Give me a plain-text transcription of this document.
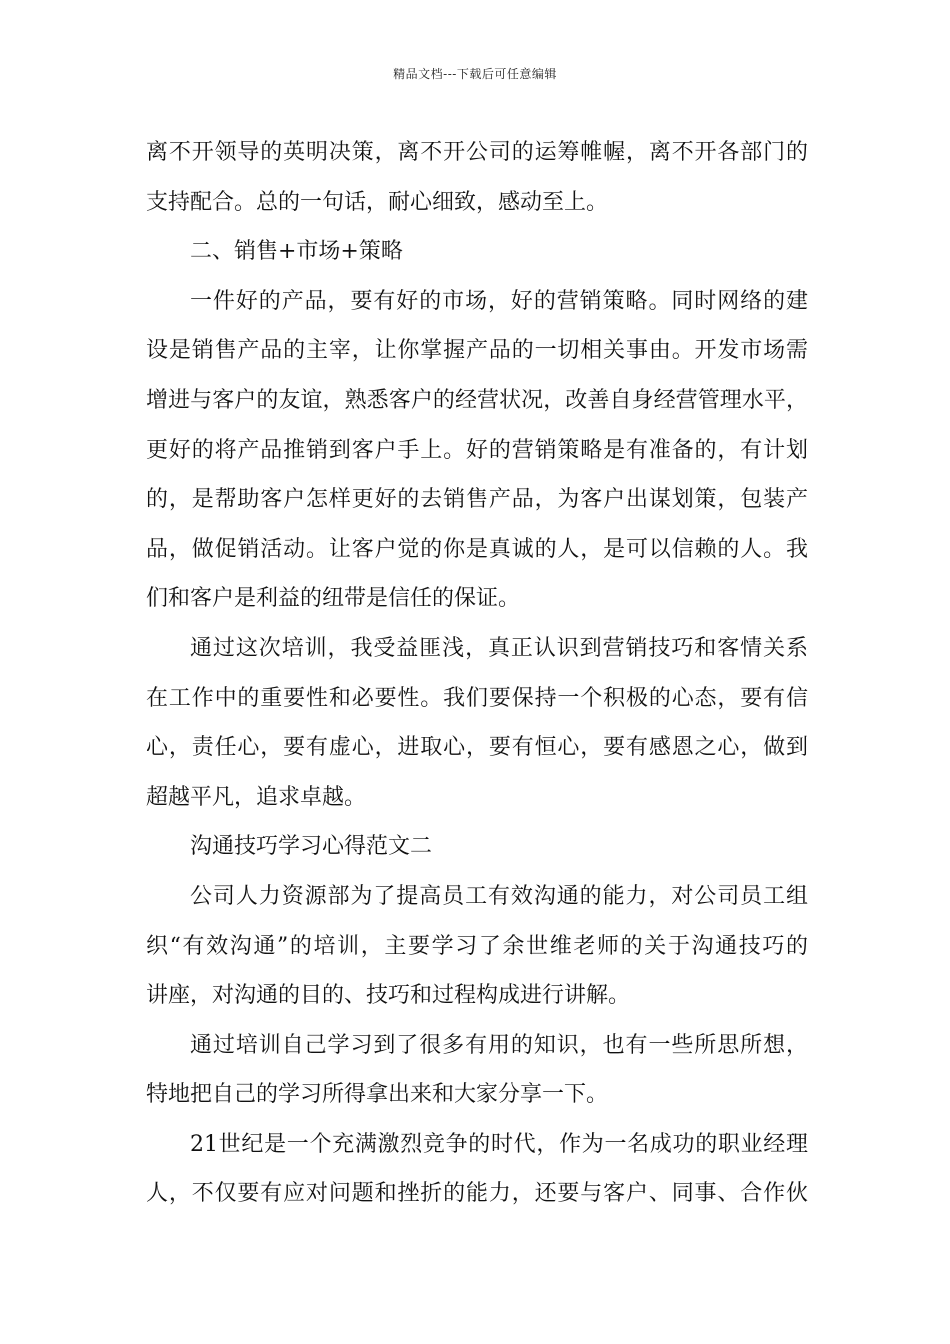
精品文档---下载后可任意编辑
离不开领导的英明决策，离不开公司的运筹帷幄，离不开各部门的
支持配合。总的一句话，耐心细致，感动至上。
二、销售+市场+策略
一件好的产品，要有好的市场，好的营销策略。同时网络的建
设是销售产品的主宰，让你掌握产品的一切相关事由。开发市场需
增进与客户的友谊，熟悉客户的经营状况，改善自身经营管理水平，
更好的将产品推销到客户手上。好的营销策略是有准备的，有计划
的，是帮助客户怎样更好的去销售产品，为客户出谋划策，包装产
品，做促销活动。让客户觉的你是真诚的人，是可以信赖的人。我
们和客户是利益的纽带是信任的保证。
通过这次培训，我受益匪浅，真正认识到营销技巧和客情关系
在工作中的重要性和必要性。我们要保持一个积极的心态，要有信
心，责任心，要有虚心，进取心，要有恒心，要有感恩之心，做到
超越平凡，追求卓越。
沟通技巧学习心得范文二
公司人力资源部为了提高员工有效沟通的能力，对公司员工组
织“有效沟通”的培训，主要学习了余世维老师的关于沟通技巧的
讲座，对沟通的目的、技巧和过程构成进行讲解。
通过培训自己学习到了很多有用的知识，也有一些所思所想，
特地把自己的学习所得拿出来和大家分享一下。
21世纪是一个充满激烈竞争的时代，作为一名成功的职业经理
人，不仅要有应对问题和挫折的能力，还要与客户、同事、合作伙
